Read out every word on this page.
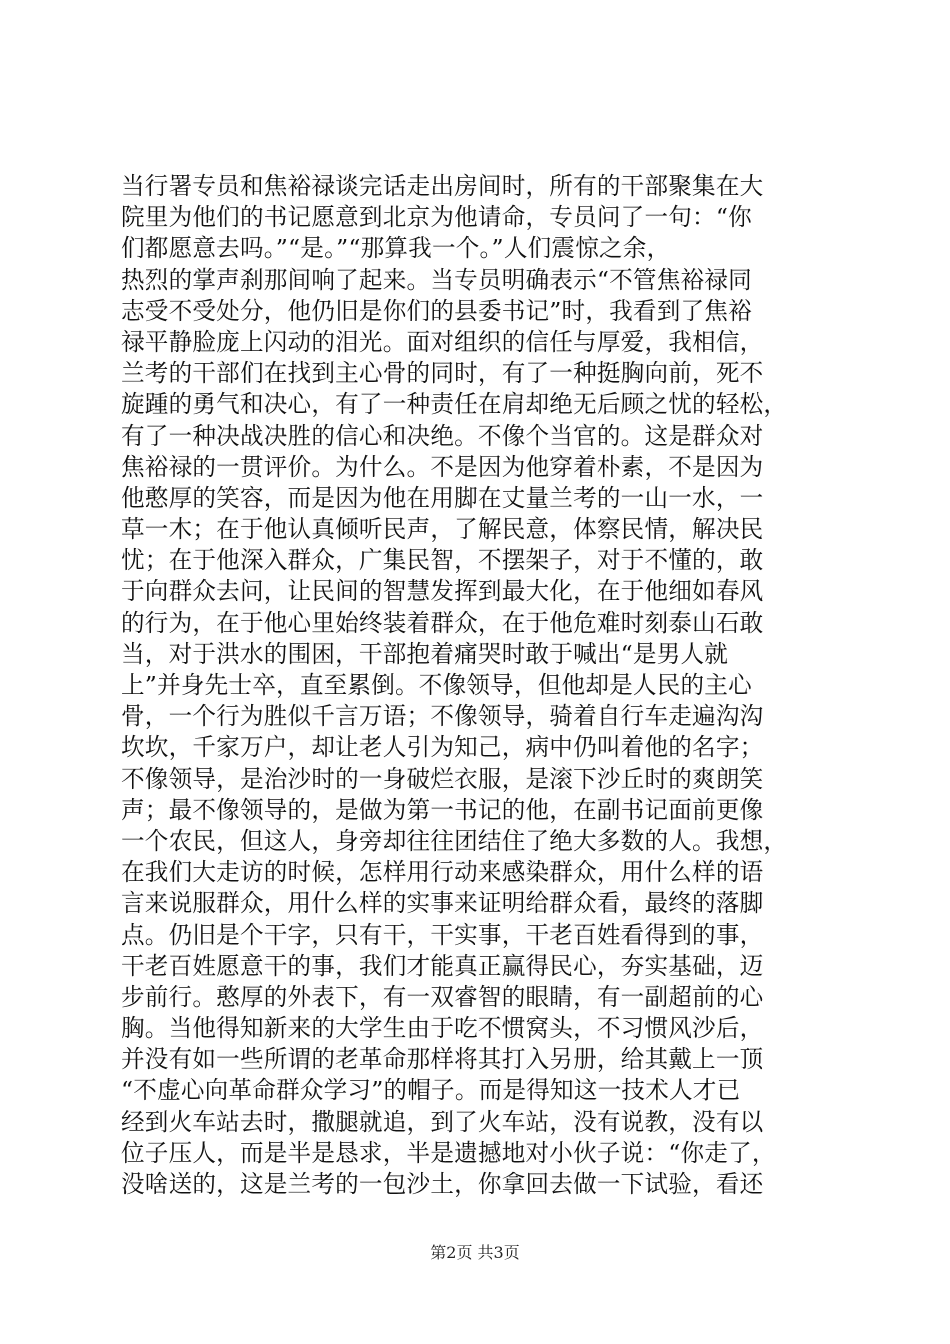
当行署专员和焦裕禄谈完话走出房间时，所有的干部聚集在大
院里为他们的书记愿意到北京为他请命，专员问了一句：“你
们都愿意去吗。”“是。”“那算我一个。”人们震惊之余，
热烈的掌声刹那间响了起来。当专员明确表示“不管焦裕禄同
志受不受处分，他仍旧是你们的县委书记”时，我看到了焦裕
禄平静脸庞上闪动的泪光。面对组织的信任与厚爱，我相信，
兰考的干部们在找到主心骨的同时，有了一种挺胸向前，死不
旋踵的勇气和决心，有了一种责任在肩却绝无后顾之忧的轻松，
有了一种决战决胜的信心和决绝。不像个当官的。这是群众对
焦裕禄的一贯评价。为什么。不是因为他穿着朴素，不是因为
他憨厚的笑容，而是因为他在用脚在丈量兰考的一山一水，一
草一木；在于他认真倾听民声，了解民意，体察民情，解决民
忧；在于他深入群众，广集民智，不摆架子，对于不懂的，敢
于向群众去问，让民间的智慧发挥到最大化，在于他细如春风
的行为，在于他心里始终装着群众，在于他危难时刻泰山石敢
当，对于洪水的围困，干部抱着痛哭时敢于喊出“是男人就
上”并身先士卒，直至累倒。不像领导，但他却是人民的主心
骨，一个行为胜似千言万语；不像领导，骑着自行车走遍沟沟
坎坎，千家万户，却让老人引为知己，病中仍叫着他的名字；
不像领导，是治沙时的一身破烂衣服，是滚下沙丘时的爽朗笑
声；最不像领导的，是做为第一书记的他，在副书记面前更像
一个农民，但这人，身旁却往往团结住了绝大多数的人。我想，
在我们大走访的时候，怎样用行动来感染群众，用什么样的语
言来说服群众，用什么样的实事来证明给群众看，最终的落脚
点。仍旧是个干字，只有干，干实事，干老百姓看得到的事，
干老百姓愿意干的事，我们才能真正赢得民心，夯实基础，迈
步前行。憨厚的外表下，有一双睿智的眼睛，有一副超前的心
胸。当他得知新来的大学生由于吃不惯窝头，不习惯风沙后，
并没有如一些所谓的老革命那样将其打入另册，给其戴上一顶
“不虚心向革命群众学习”的帽子。而是得知这一技术人才已
经到火车站去时，撒腿就追，到了火车站，没有说教，没有以
位子压人，而是半是恳求，半是遗撼地对小伙子说：“你走了，
没啥送的，这是兰考的一包沙土，你拿回去做一下试验，看还
第2页 共3页
